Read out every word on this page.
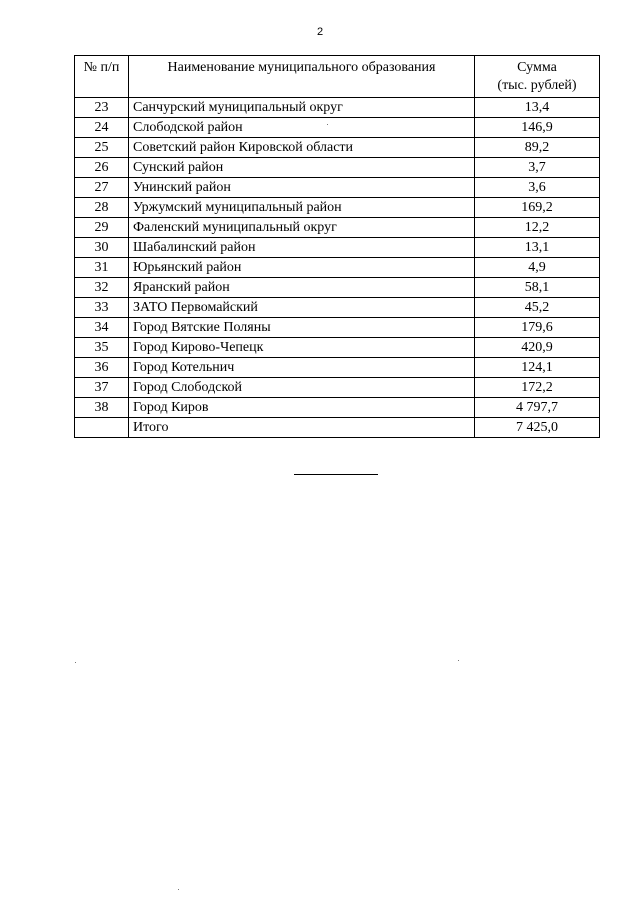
2
№ п/п	Наименование муниципального образования	Сумма
(тыс. рублей)

23	Санчурский муниципальный округ	13,4
24	Слободской район	146,9
25	Советский район Кировской области	89,2
26	Сунский район	3,7
27	Унинский район	3,6
28	Уржумский муниципальный район	169,2
29	Фаленский муниципальный округ	12,2
30	Шабалинский район	13,1
31	Юрьянский район	4,9
32	Яранский район	58,1
33	ЗАТО Первомайский	45,2
34	Город Вятские Поляны	179,6
35	Город Кирово-Чепецк	420,9
36	Город Котельнич	124,1
37	Город Слободской	172,2
38	Город Киров	4 797,7
	Итого	7 425,0
